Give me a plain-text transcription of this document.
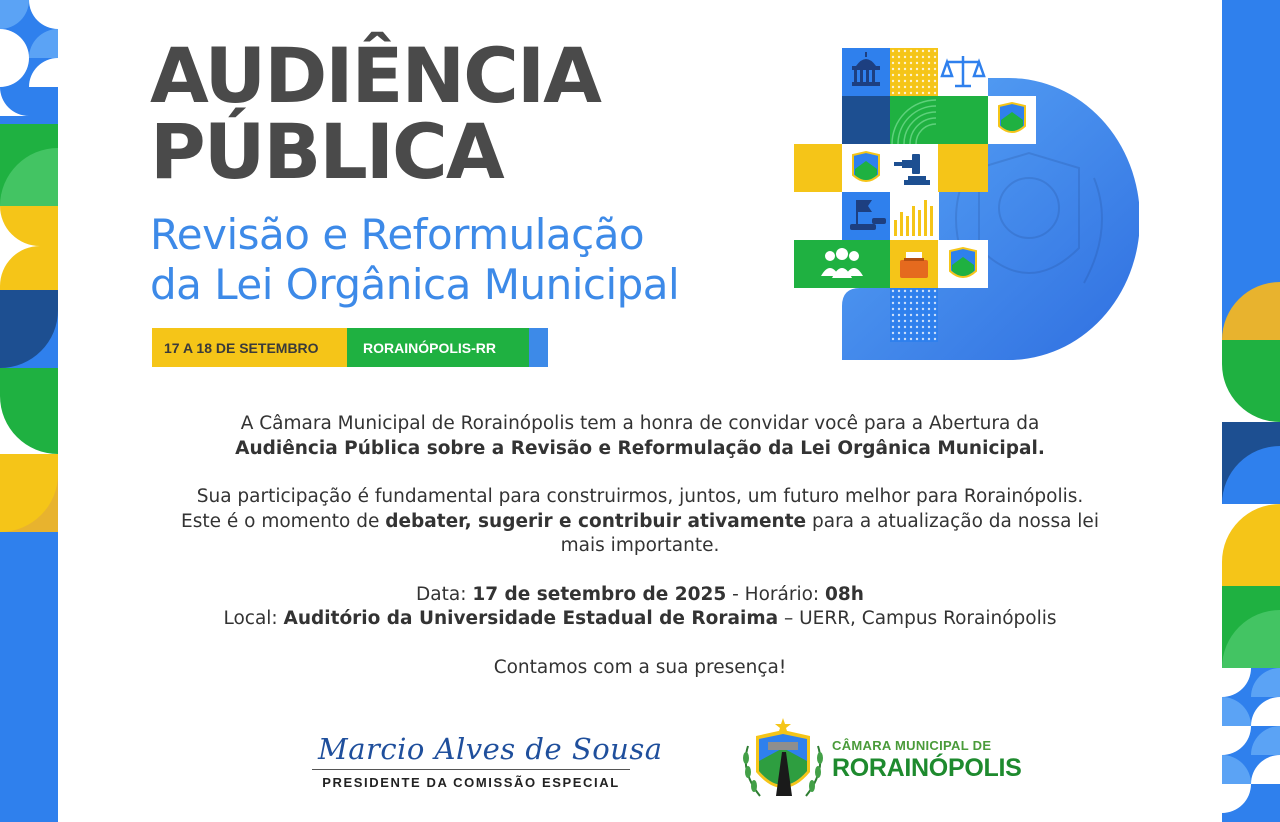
AUDIÊNCIA
PÚBLICA
Revisão e Reformulação
da Lei Orgânica Municipal
17 A 18 DE SETEMBRO	RORAINÓPOLIS-RR
A Câmara Municipal de Rorainópolis tem a honra de convidar você para a Abertura da
Audiência Pública sobre a Revisão e Reformulação da Lei Orgânica Municipal.
Sua participação é fundamental para construirmos, juntos, um futuro melhor para Rorainópolis.
Este é o momento de debater, sugerir e contribuir ativamente para a atualização da nossa lei
mais importante.
Data: 17 de setembro de 2025 - Horário: 08h
Local: Auditório da Universidade Estadual de Roraima – UERR, Campus Rorainópolis
Contamos com a sua presença!
Marcio Alves de Sousa
PRESIDENTE DA COMISSÃO ESPECIAL
CÂMARA MUNICIPAL DE
RORAINÓPOLIS
